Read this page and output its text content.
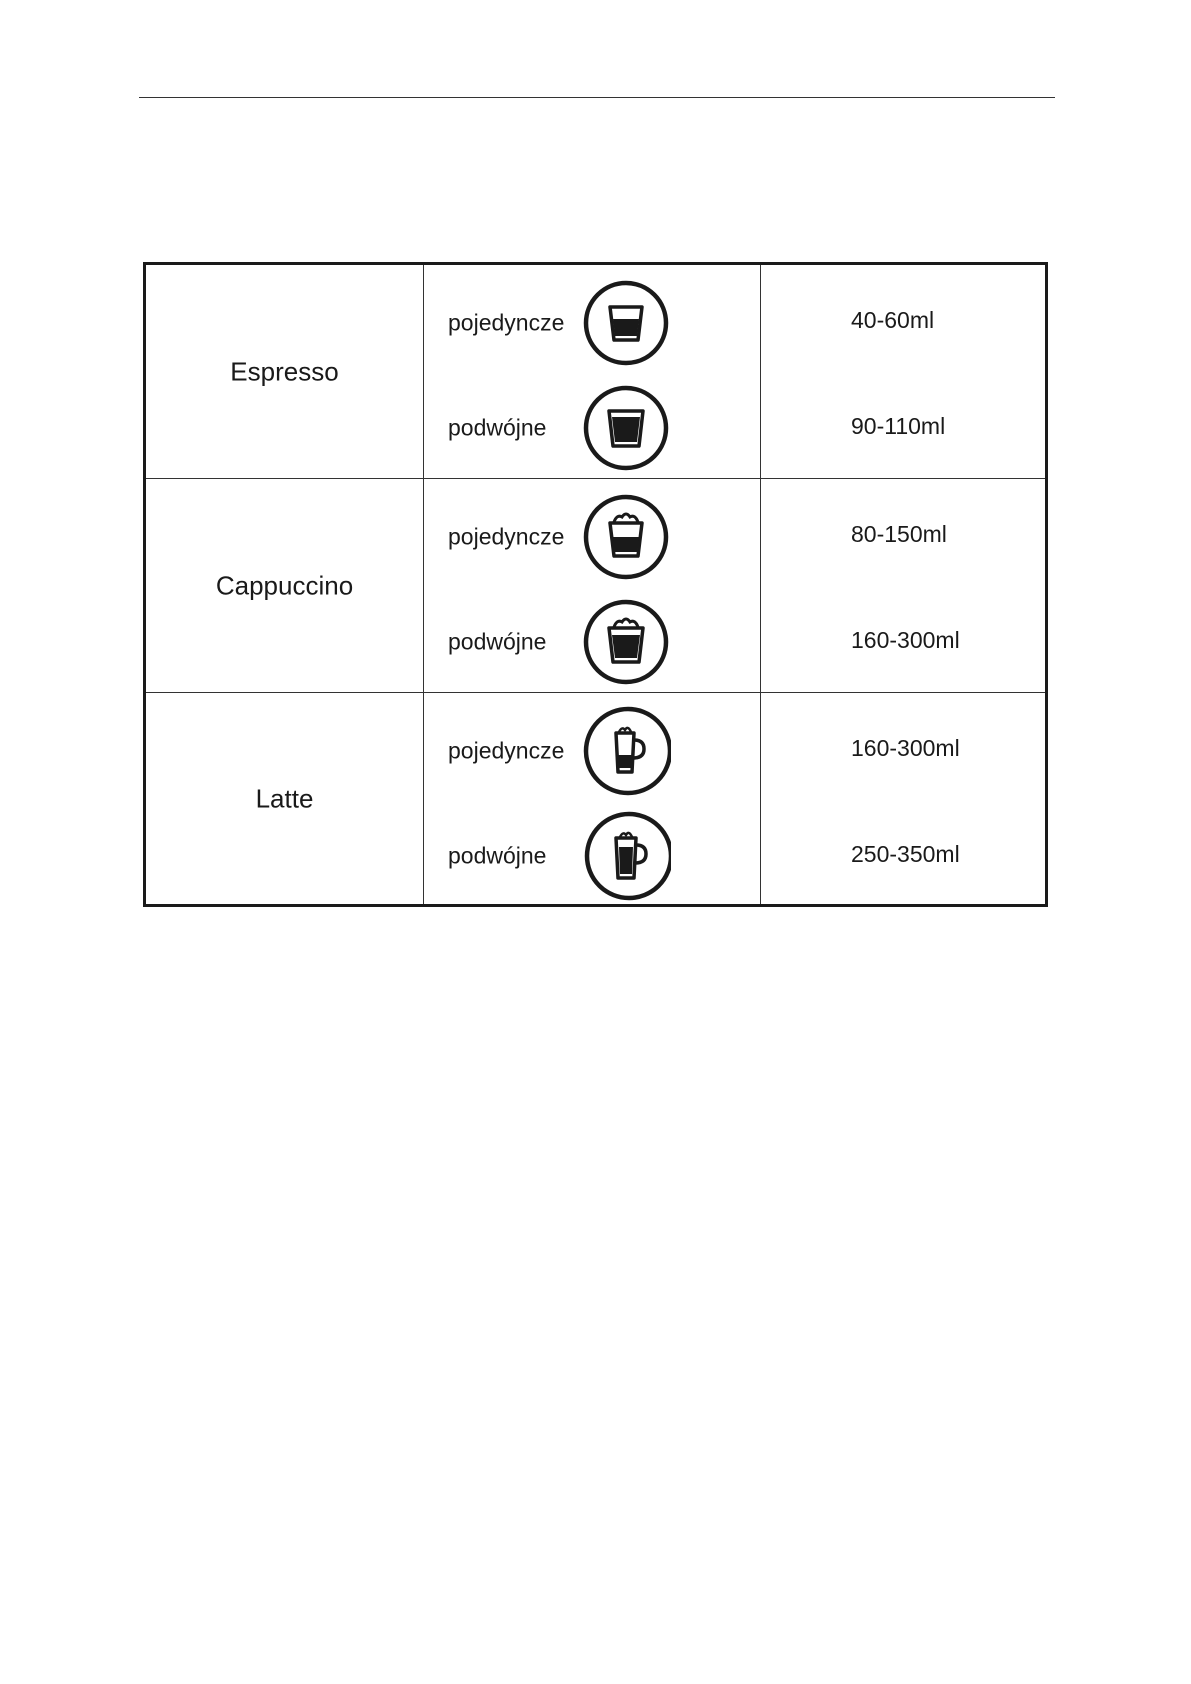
Espresso
pojedyncze
podwójne
40-60ml
90-110ml
Cappuccino
pojedyncze
podwójne
80-150ml
160-300ml
Latte
pojedyncze
podwójne
160-300ml
250-350ml
